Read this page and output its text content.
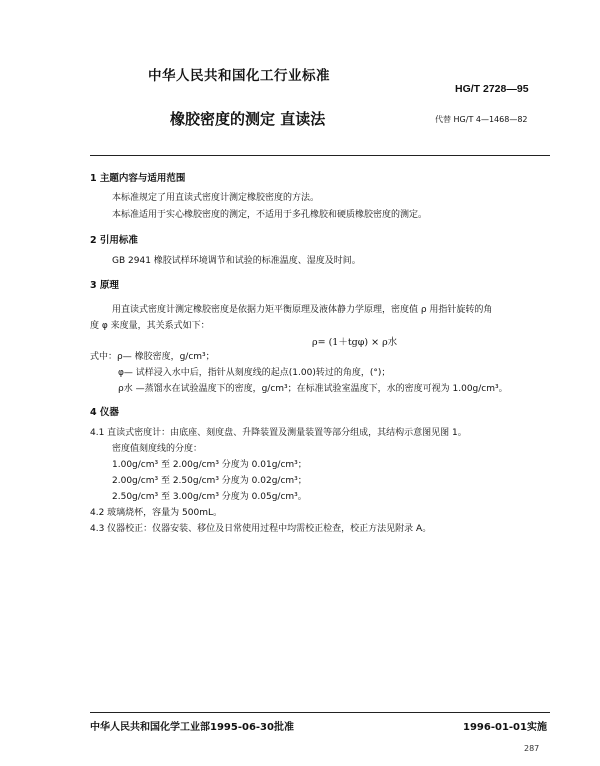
中华人民共和国化工行业标准
HG/T 2728—95
橡胶密度的测定 直读法	代替 HG/T 4—1468—82
1 主题内容与适用范围
本标准规定了用直读式密度计测定橡胶密度的方法。
本标准适用于实心橡胶密度的测定，不适用于多孔橡胶和硬质橡胶密度的测定。
2 引用标准
GB 2941 橡胶试样环境调节和试验的标准温度、湿度及时间。
3 原理
用直读式密度计测定橡胶密度是依据力矩平衡原理及液体静力学原理，密度值 ρ 用指针旋转的角
度 φ 来度量，其关系式如下：
ρ= (1＋tgφ) × ρ水
式中：ρ— 橡胶密度，g/cm³；
φ— 试样浸入水中后，指针从刻度线的起点(1.00)转过的角度，(°)；
ρ水 —蒸馏水在试验温度下的密度，g/cm³；在标准试验室温度下，水的密度可视为 1.00g/cm³。
4 仪器
4.1 直读式密度计：由底座、刻度盘、升降装置及测量装置等部分组成，其结构示意图见图 1。
密度值刻度线的分度：
1.00g/cm³ 至 2.00g/cm³ 分度为 0.01g/cm³；
2.00g/cm³ 至 2.50g/cm³ 分度为 0.02g/cm³；
2.50g/cm³ 至 3.00g/cm³ 分度为 0.05g/cm³。
4.2 玻璃烧杯，容量为 500mL。
4.3 仪器校正：仪器安装、移位及日常使用过程中均需校正检查，校正方法见附录 A。
中华人民共和国化学工业部1995-06-30批准	1996-01-01实施
287
